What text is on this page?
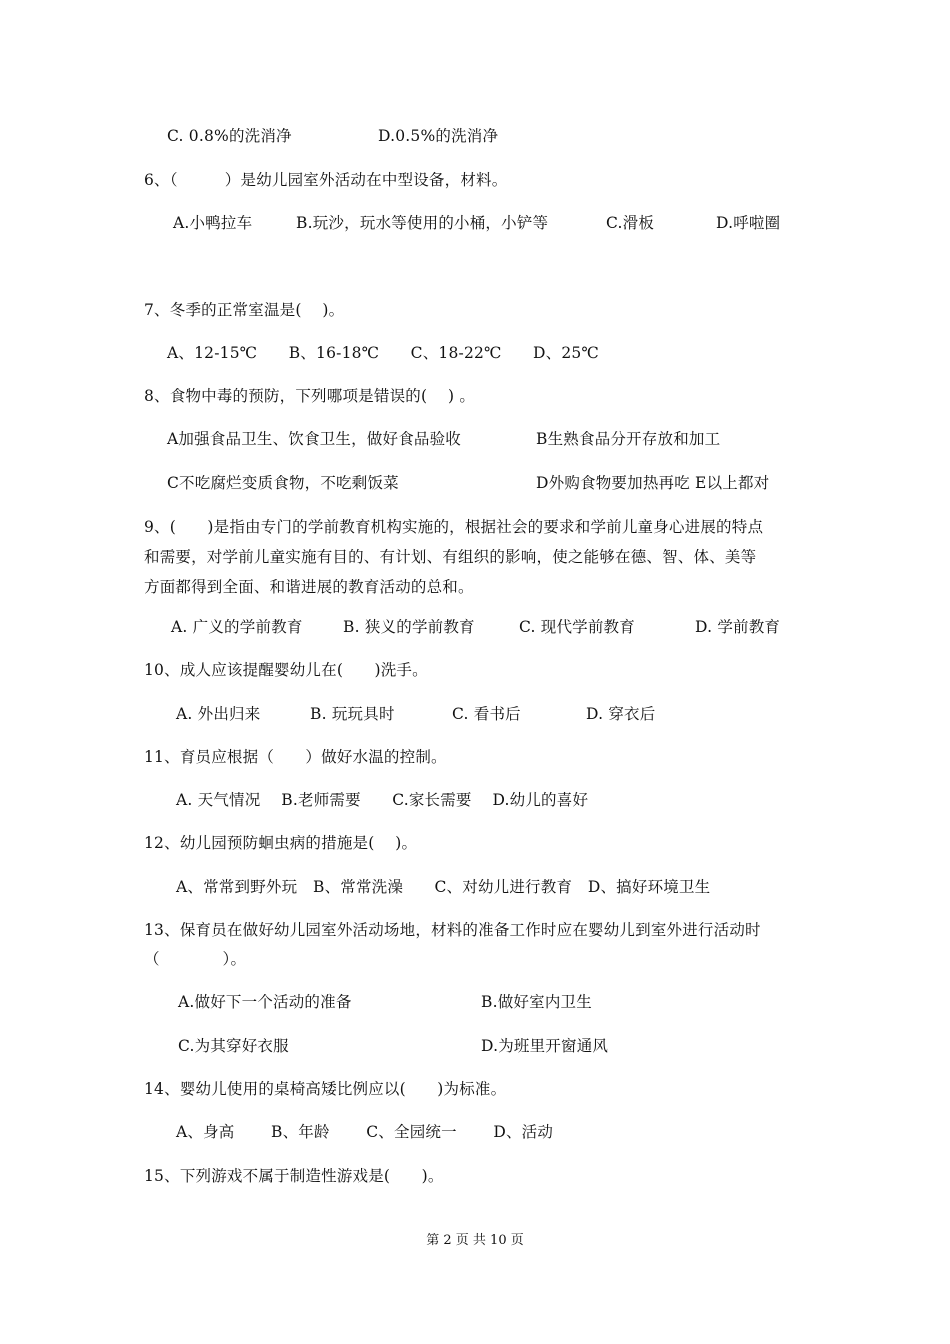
C. 0.8%的洗消净	D.0.5%的洗消净
6、（　　　）是幼儿园室外活动在中型设备，材料。
A.小鸭拉车	B.玩沙，玩水等使用的小桶，小铲等	C.滑板	D.呼啦圈
7、冬季的正常室温是(　 )。
A、12-15℃　　B、16-18℃　　C、18-22℃　　D、25℃
8、食物中毒的预防，下列哪项是错误的(　 ) 。
A加强食品卫生、饮食卫生，做好食品验收	B生熟食品分开存放和加工
C不吃腐烂变质食物，不吃剩饭菜	D外购食物要加热再吃 E以上都对
9、(　　)是指由专门的学前教育机构实施的，根据社会的要求和学前儿童身心进展的特点
和需要，对学前儿童实施有目的、有计划、有组织的影响，使之能够在德、智、体、美等
方面都得到全面、和谐进展的教育活动的总和。
A. 广义的学前教育	B. 狭义的学前教育	C. 现代学前教育	D. 学前教育
10、成人应该提醒婴幼儿在(　　)洗手。
A. 外出归来	B. 玩玩具时	C. 看书后	D. 穿衣后
11、育员应根据（　　）做好水温的控制。
A. 天气情况　 B.老师需要　　C.家长需要　 D.幼儿的喜好
12、幼儿园预防蛔虫病的措施是(　 )。
A、常常到野外玩　B、常常洗澡　　C、对幼儿进行教育　D、搞好环境卫生
13、保育员在做好幼儿园室外活动场地，材料的准备工作时应在婴幼儿到室外进行活动时
（　　　　）。
A.做好下一个活动的准备	B.做好室内卫生
C.为其穿好衣服	D.为班里开窗通风
14、婴幼儿使用的桌椅高矮比例应以(　　)为标准。
A、身高　　 B、年龄　　 C、全园统一　　 D、活动
15、下列游戏不属于制造性游戏是(　　)。
第 2 页 共 10 页
